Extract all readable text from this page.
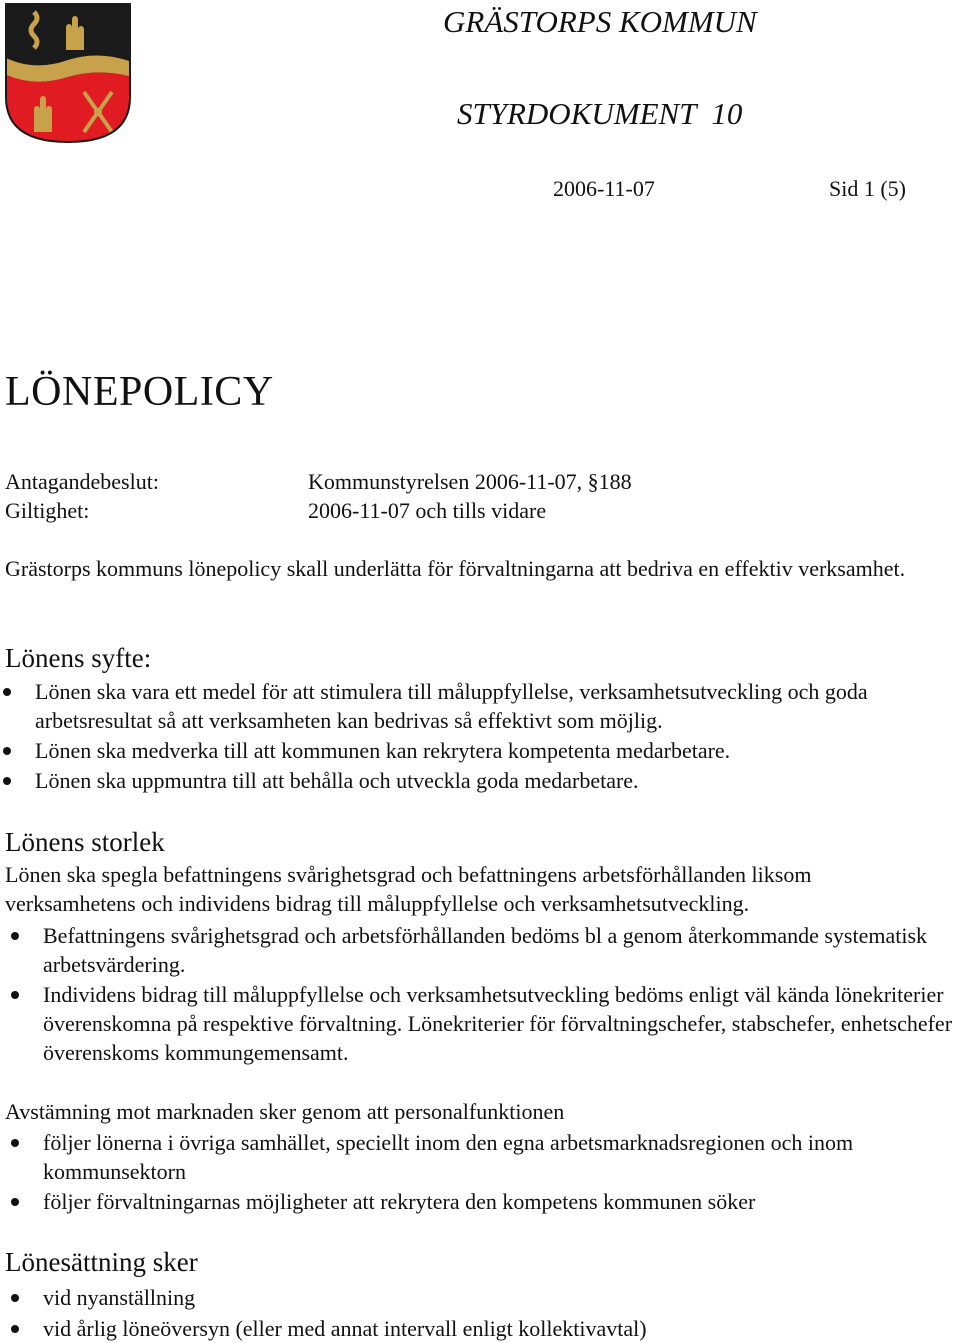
GRÄSTORPS KOMMUN
STYRDOKUMENT  10
2006-11-07	Sid 1 (5)
LÖNEPOLICY
Antagandebeslut:	Kommunstyrelsen 2006-11-07, §188
Giltighet:	2006-11-07 och tills vidare
Grästorps kommuns lönepolicy skall underlätta för förvaltningarna att bedriva en effektiv verksamhet.
Lönens syfte:
Lönen ska vara ett medel för att stimulera till måluppfyllelse, verksamhetsutveckling och goda arbetsresultat så att verksamheten kan bedrivas så effektivt som möjlig.
Lönen ska medverka till att kommunen kan rekrytera kompetenta medarbetare.
Lönen ska uppmuntra till att behålla och utveckla goda medarbetare.
Lönens storlek
Lönen ska spegla befattningens svårighetsgrad och befattningens arbetsförhållanden liksom verksamhetens och individens bidrag till måluppfyllelse och verksamhetsutveckling.
Befattningens svårighetsgrad och arbetsförhållanden bedöms bl a genom återkommande systematisk arbetsvärdering.
Individens bidrag till måluppfyllelse och verksamhetsutveckling bedöms enligt väl kända lönekriterier överenskomna på respektive förvaltning. Lönekriterier för förvaltningschefer, stabschefer, enhetschefer överenskoms kommungemensamt.
Avstämning mot marknaden sker genom att personalfunktionen
följer lönerna i övriga samhället, speciellt inom den egna arbetsmarknadsregionen och inom kommunsektorn
följer förvaltningarnas möjligheter att rekrytera den kompetens kommunen söker
Lönesättning sker
vid nyanställning
vid årlig löneöversyn (eller med annat intervall enligt kollektivavtal)
